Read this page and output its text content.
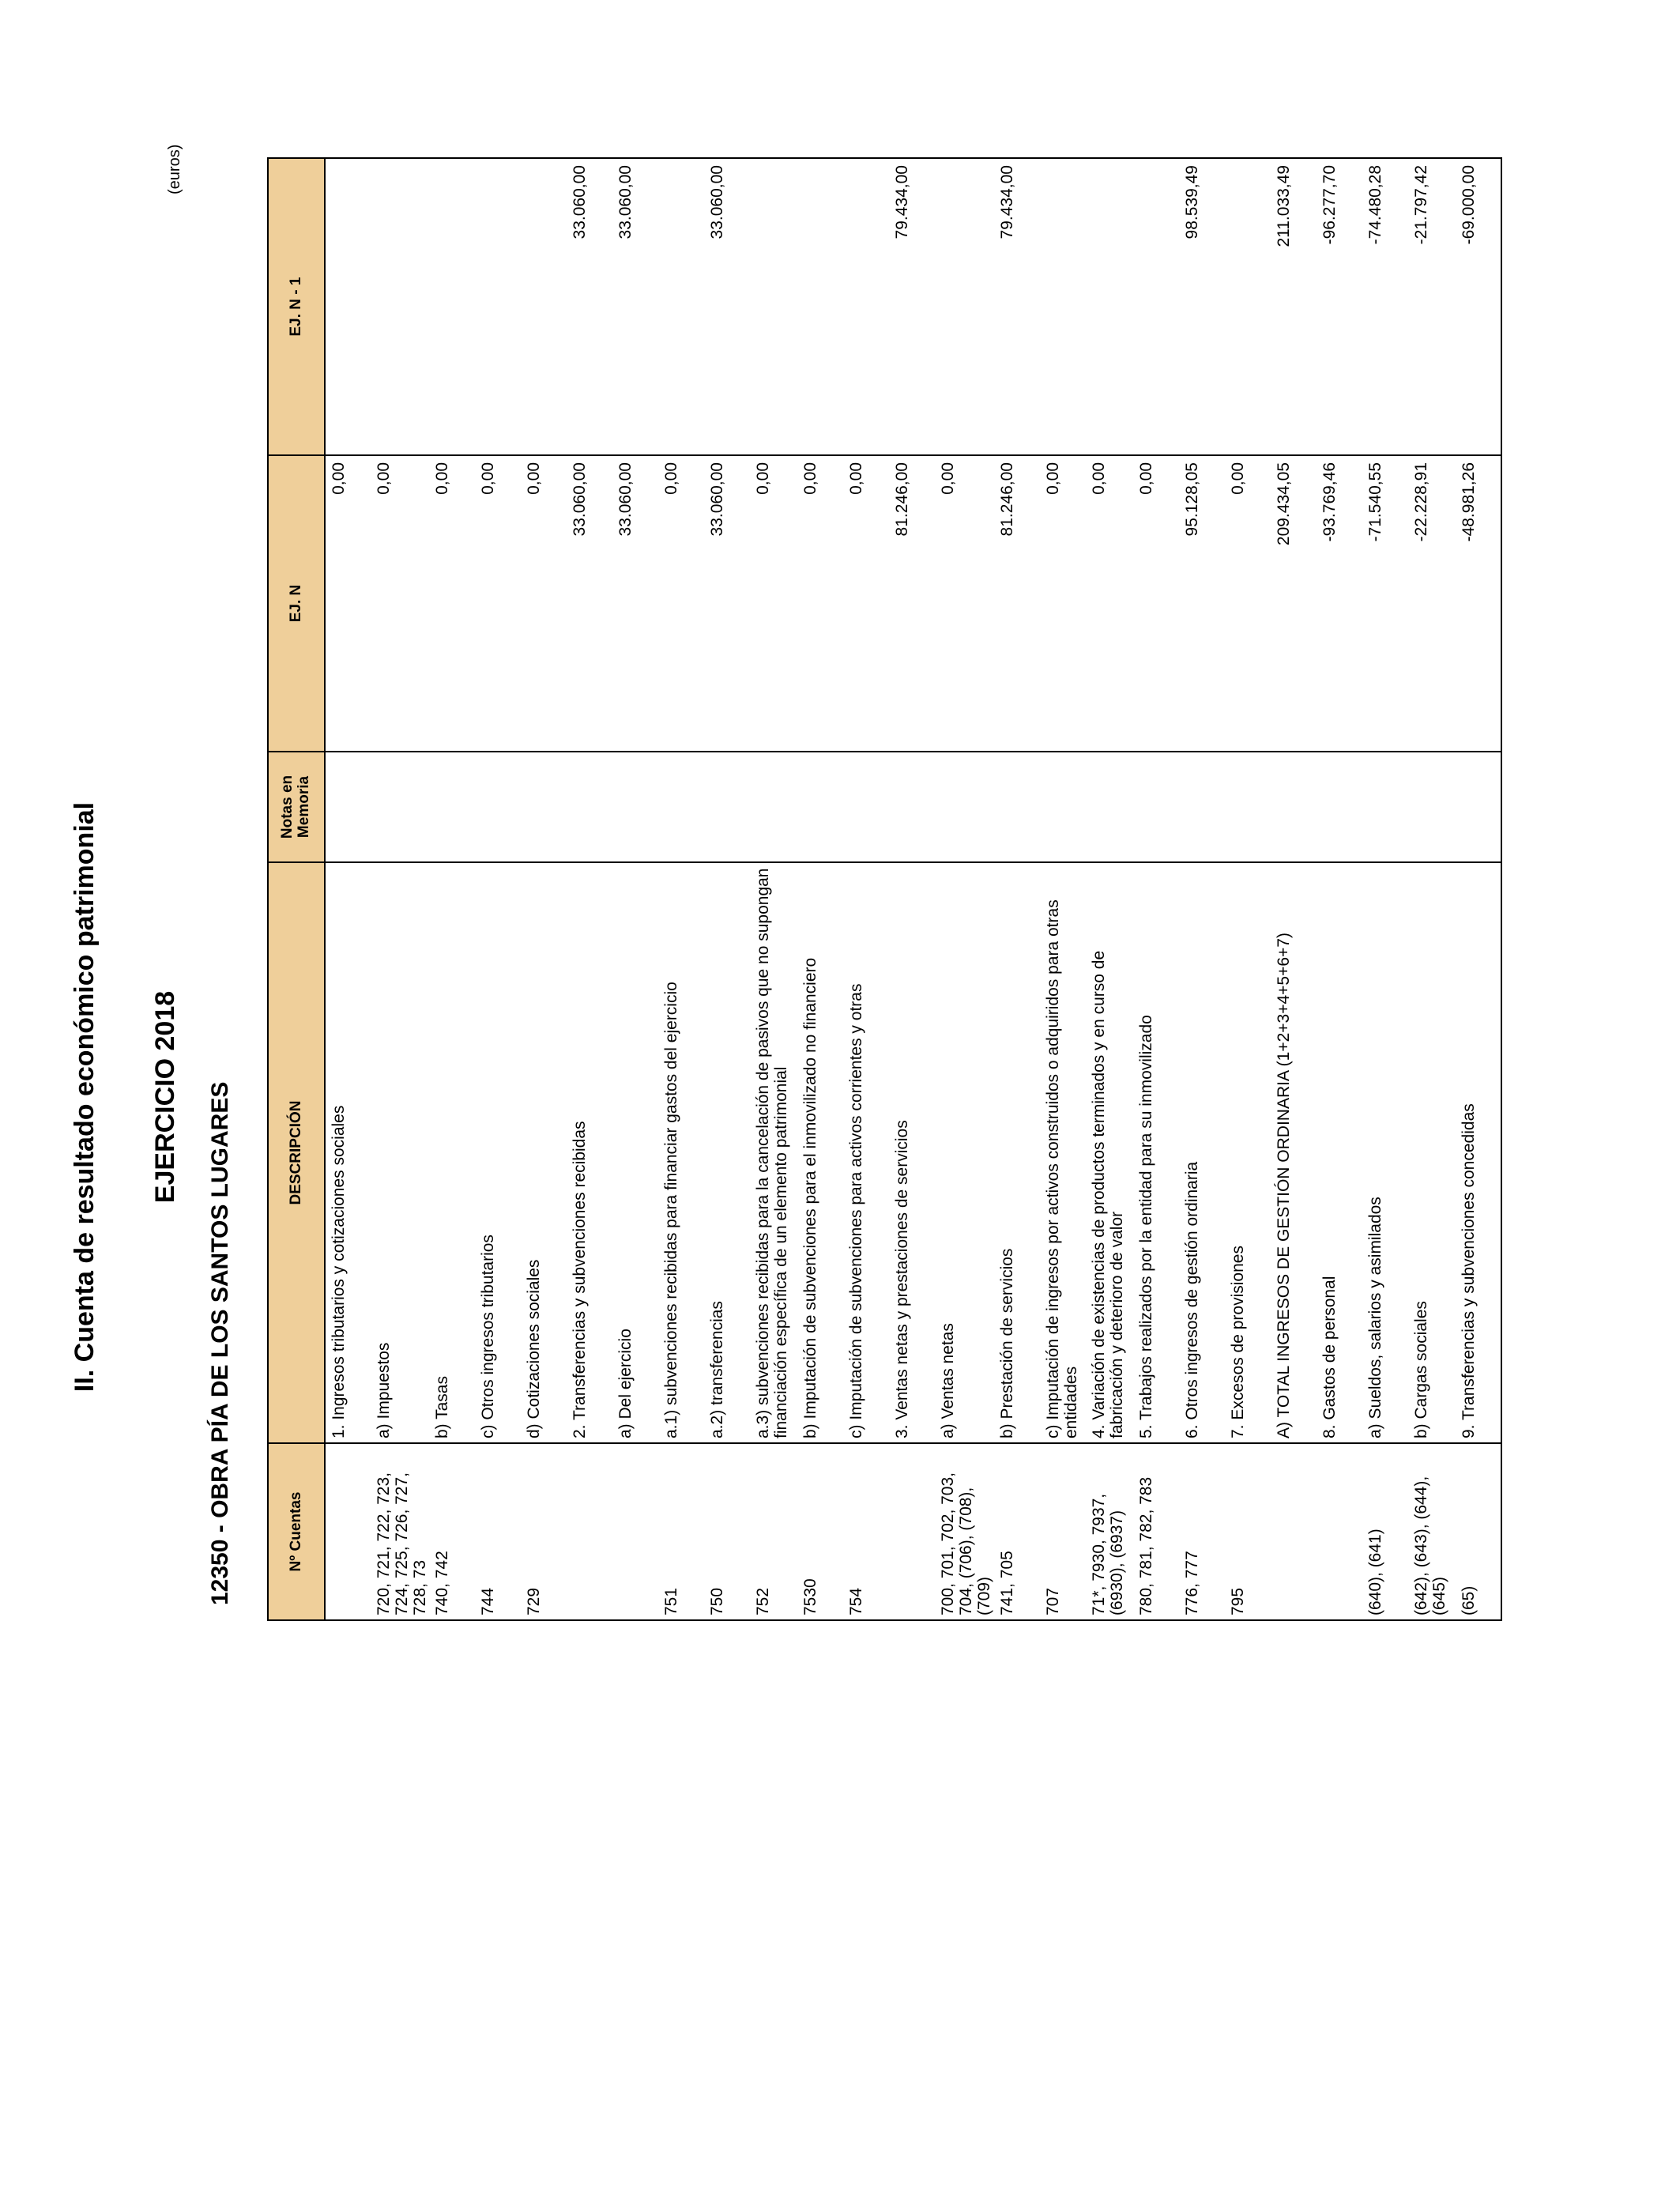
II. Cuenta de resultado económico patrimonial EJERCICIO 2018 12350 - OBRA PÍA DE LOS SANTOS LUGARES
(euros)
Nº Cuentas	DESCRIPCIÓN	Notas en Memoria	EJ. N	EJ. N - 1
	1. Ingresos tributarios y cotizaciones sociales		0,00	
720, 721, 722, 723, 724, 725, 726, 727, 728, 73	a) Impuestos		0,00	
740, 742	b) Tasas		0,00	
744	c) Otros ingresos tributarios		0,00	
729	d) Cotizaciones sociales		0,00	
	2. Transferencias y subvenciones recibidas		33.060,00	33.060,00
	a) Del ejercicio		33.060,00	33.060,00
751	a.1) subvenciones recibidas para financiar gastos del ejercicio		0,00	
750	a.2) transferencias		33.060,00	33.060,00
752	a.3) subvenciones recibidas para la cancelación de pasivos que no supongan financiación específica de un elemento patrimonial		0,00	
7530	b) Imputación de subvenciones para el inmovilizado no financiero		0,00	
754	c) Imputación de subvenciones para activos corrientes y otras		0,00	
	3. Ventas netas y prestaciones de servicios		81.246,00	79.434,00
700, 701, 702, 703, 704, (706), (708), (709)	a) Ventas netas		0,00	
741, 705	b) Prestación de servicios		81.246,00	79.434,00
707	c) Imputación de ingresos por activos construidos o adquiridos para otras entidades		0,00	
71*, 7930, 7937, (6930), (6937)	4. Variación de existencias de productos terminados y en curso de fabricación y deterioro de valor		0,00	
780, 781, 782, 783	5. Trabajos realizados por la entidad para su inmovilizado		0,00	
776, 777	6. Otros ingresos de gestión ordinaria		95.128,05	98.539,49
795	7. Excesos de provisiones		0,00	
	A) TOTAL INGRESOS DE GESTIÓN ORDINARIA (1+2+3+4+5+6+7)		209.434,05	211.033,49
	8. Gastos de personal		-93.769,46	-96.277,70
(640), (641)	a) Sueldos, salarios y asimilados		-71.540,55	-74.480,28
(642), (643), (644), (645)	b) Cargas sociales		-22.228,91	-21.797,42
(65)	9. Transferencias y subvenciones concedidas		-48.981,26	-69.000,00
